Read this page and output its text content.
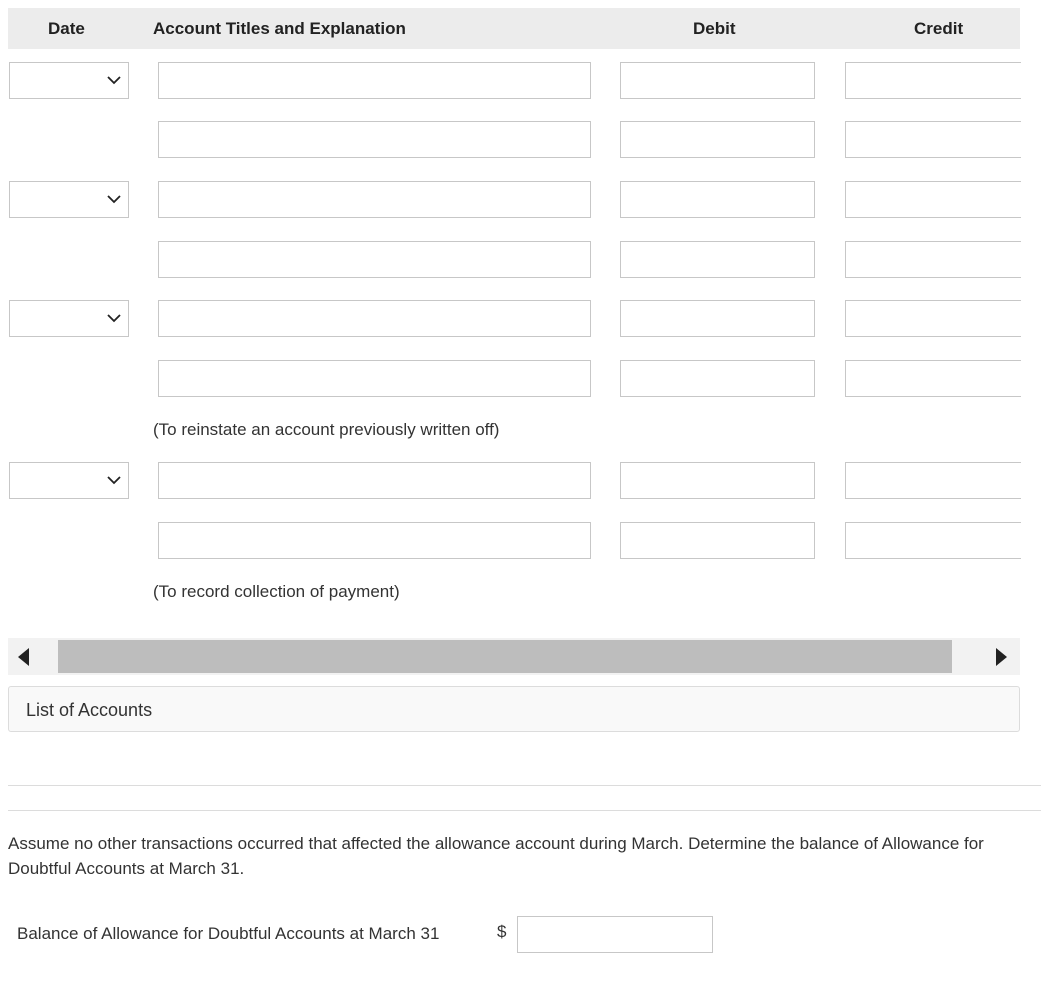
Date	Account Titles and Explanation	Debit	Credit
(To reinstate an account previously written off)
(To record collection of payment)
List of Accounts
Assume no other transactions occurred that affected the allowance account during March. Determine the balance of Allowance for Doubtful Accounts at March 31.
Balance of Allowance for Doubtful Accounts at March 31	$
